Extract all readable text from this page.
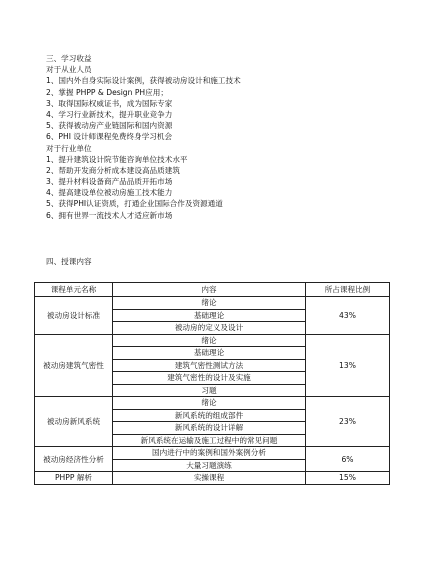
三、学习收益
对于从业人员
1、国内外自身实际设计案例，获得被动房设计和施工技术
2、掌握 PHPP & Design PH应用；
3、取得国际权威证书，成为国际专家
4、学习行业新技术，提升职业竞争力
5、获得被动房产业链国际和国内资源
6、PHI 设计师课程免费终身学习机会
对于行业单位
1、提升建筑设计院节能咨询单位技术水平
2、帮助开发商分析成本建设高品质建筑
3、提升材料设备商产品品质开拓市场
4、提高建设单位被动房施工技术能力
5、获得PHI认证资质，打通企业国际合作及资源通道
6、拥有世界一流技术人才适应新市场
四、授课内容
课程单元名称	内容	所占课程比例
被动房设计标准	绪论	43%
	基础理论	
	被动房的定义及设计	
被动房建筑气密性	绪论	13%
	基础理论	
	建筑气密性测试方法	
	建筑气密性的设计及实施	
	习题	
被动房新风系统	绪论	23%
	新风系统的组成部件	
	新风系统的设计详解	
	新风系统在运输及施工过程中的常见问题	
被动房经济性分析	国内进行中的案例和国外案例分析	6%
	大量习题演练	
PHPP 解析	实操课程	15%
